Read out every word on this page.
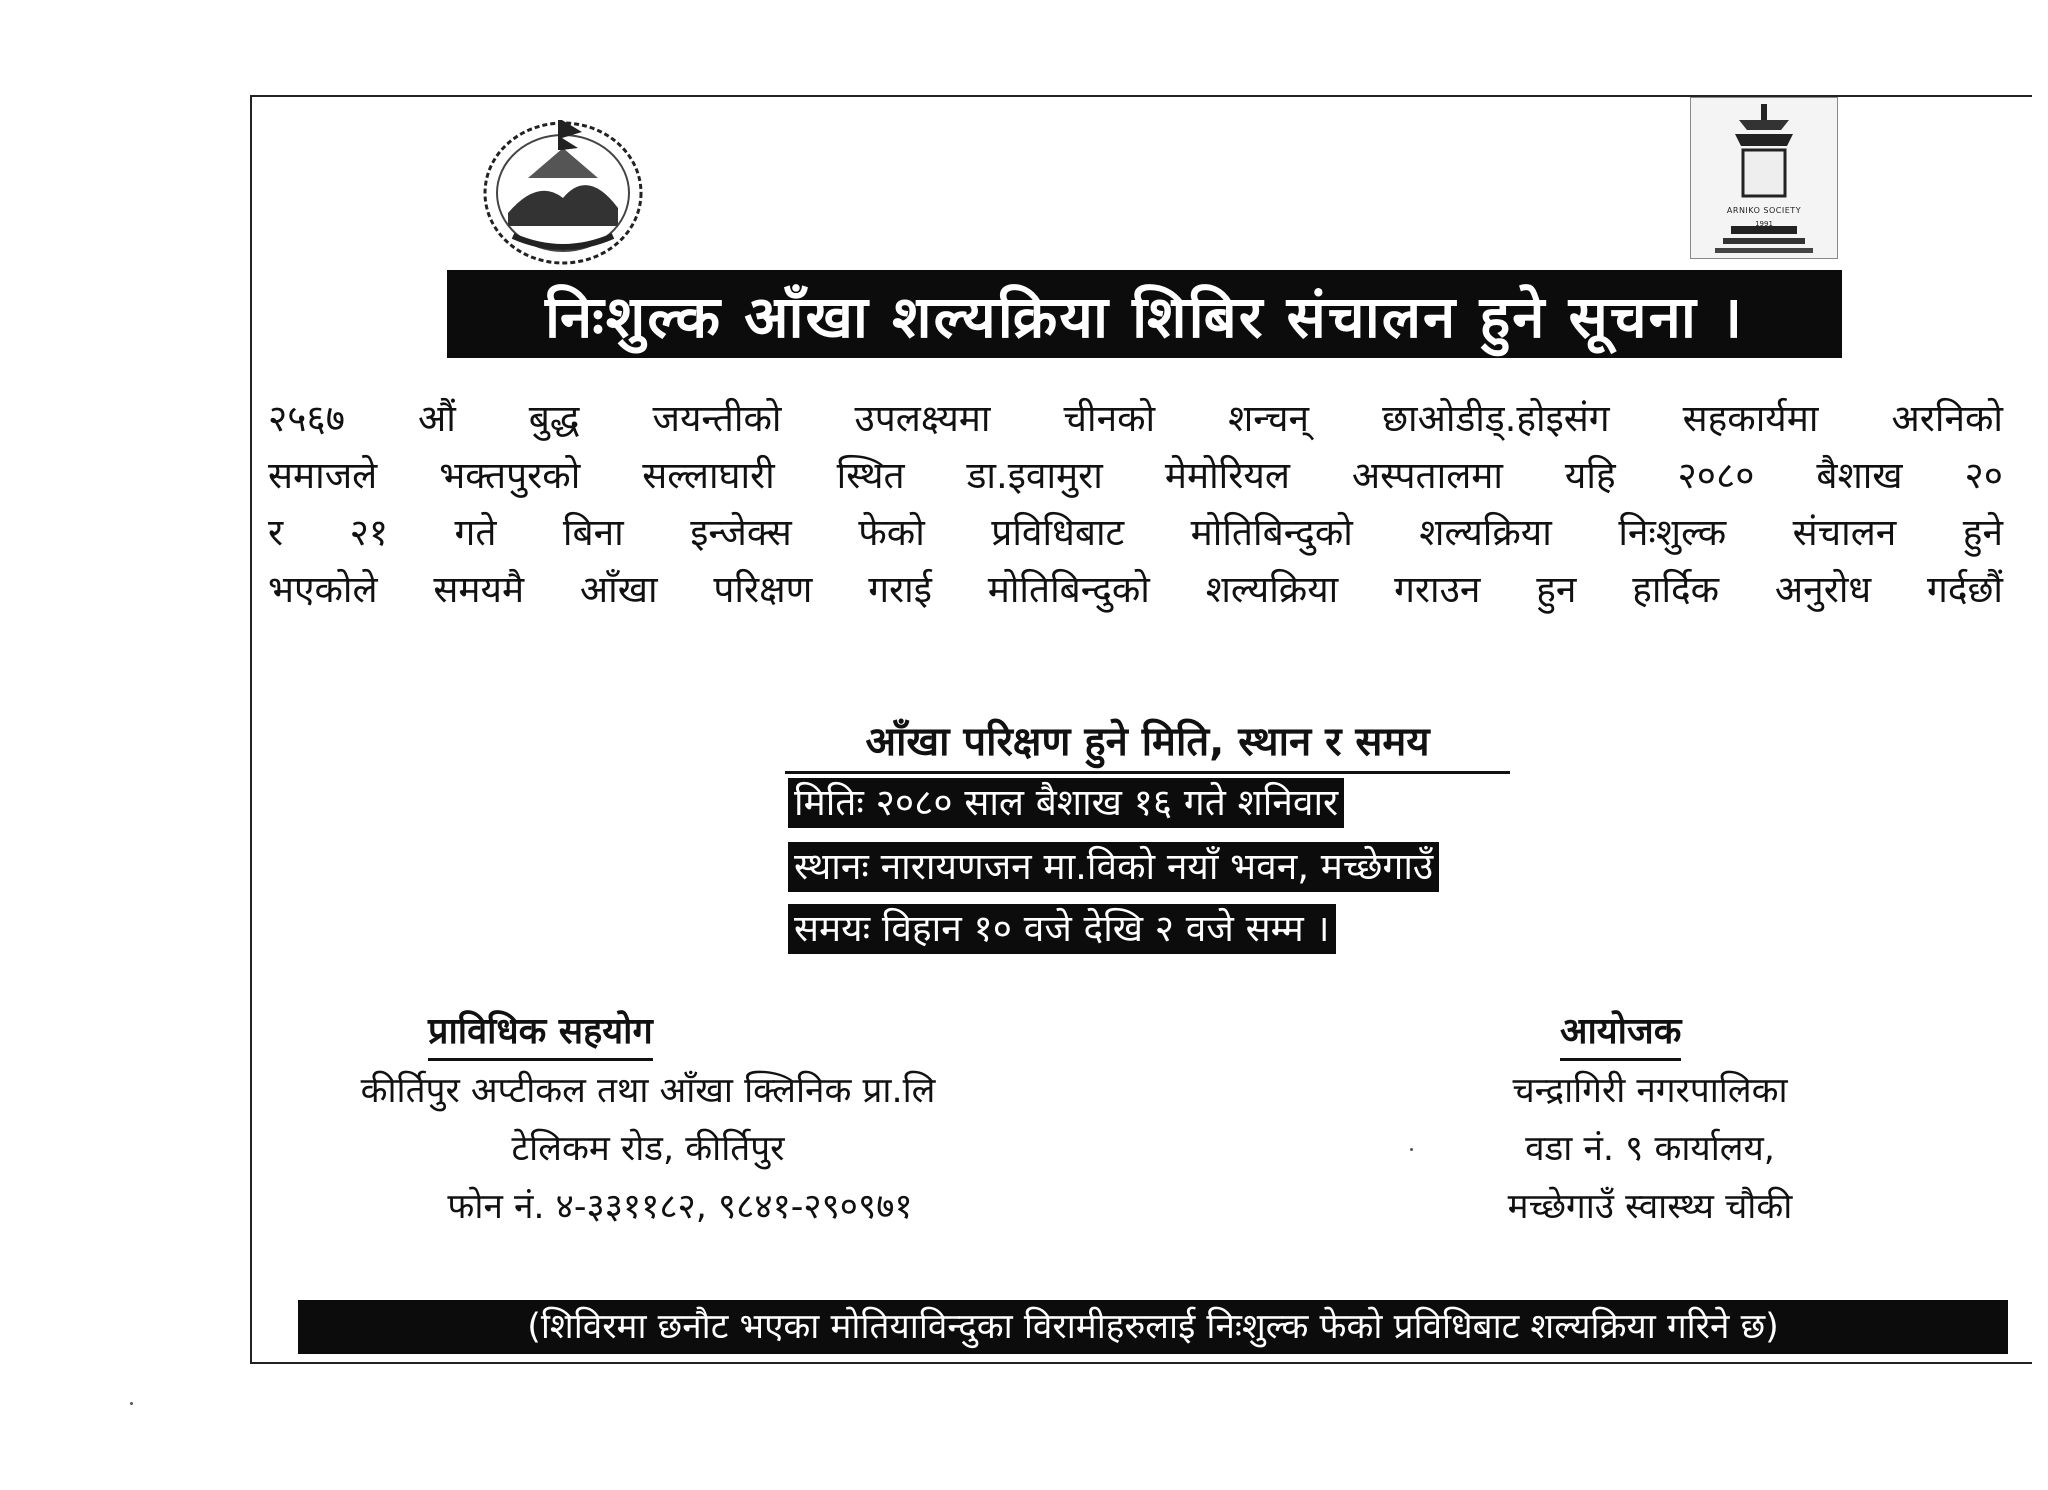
ARNIKO SOCIETY
1991
निःशुल्क आँखा शल्यक्रिया शिबिर संचालन हुने सूचना ।
२५६७ औं बुद्ध जयन्तीको उपलक्ष्यमा चीनको शन्चन् छाओडीड्.होइसंग सहकार्यमा अरनिको
समाजले भक्तपुरको सल्लाघारी स्थित डा.इवामुरा मेमोरियल अस्पतालमा यहि २०८० बैशाख २०
र २१ गते बिना इन्जेक्स फेको प्रविधिबाट मोतिबिन्दुको शल्यक्रिया निःशुल्क संचालन हुने
भएकोले समयमै आँखा परिक्षण गराई मोतिबिन्दुको शल्यक्रिया गराउन हुन हार्दिक अनुरोध गर्दछौं
आँखा परिक्षण हुने मिति, स्थान र समय
मितिः २०८० साल बैशाख १६ गते शनिवार
स्थानः नारायणजन मा.विको नयाँ भवन, मच्छेगाउँ
समयः विहान १० वजे देखि २ वजे सम्म ।
प्राविधिक सहयोग
कीर्तिपुर अप्टीकल तथा आँखा क्लिनिक प्रा.लि
टेलिकम रोड, कीर्तिपुर
फोन नं. ४-३३११८२, ९८४१-२९०९७१
आयोजक
चन्द्रागिरी नगरपालिका
वडा नं. ९ कार्यालय,
मच्छेगाउँ स्वास्थ्य चौकी
(शिविरमा छनौट भएका मोतियाविन्दुका विरामीहरुलाई निःशुल्क फेको प्रविधिबाट शल्यक्रिया गरिने छ)
